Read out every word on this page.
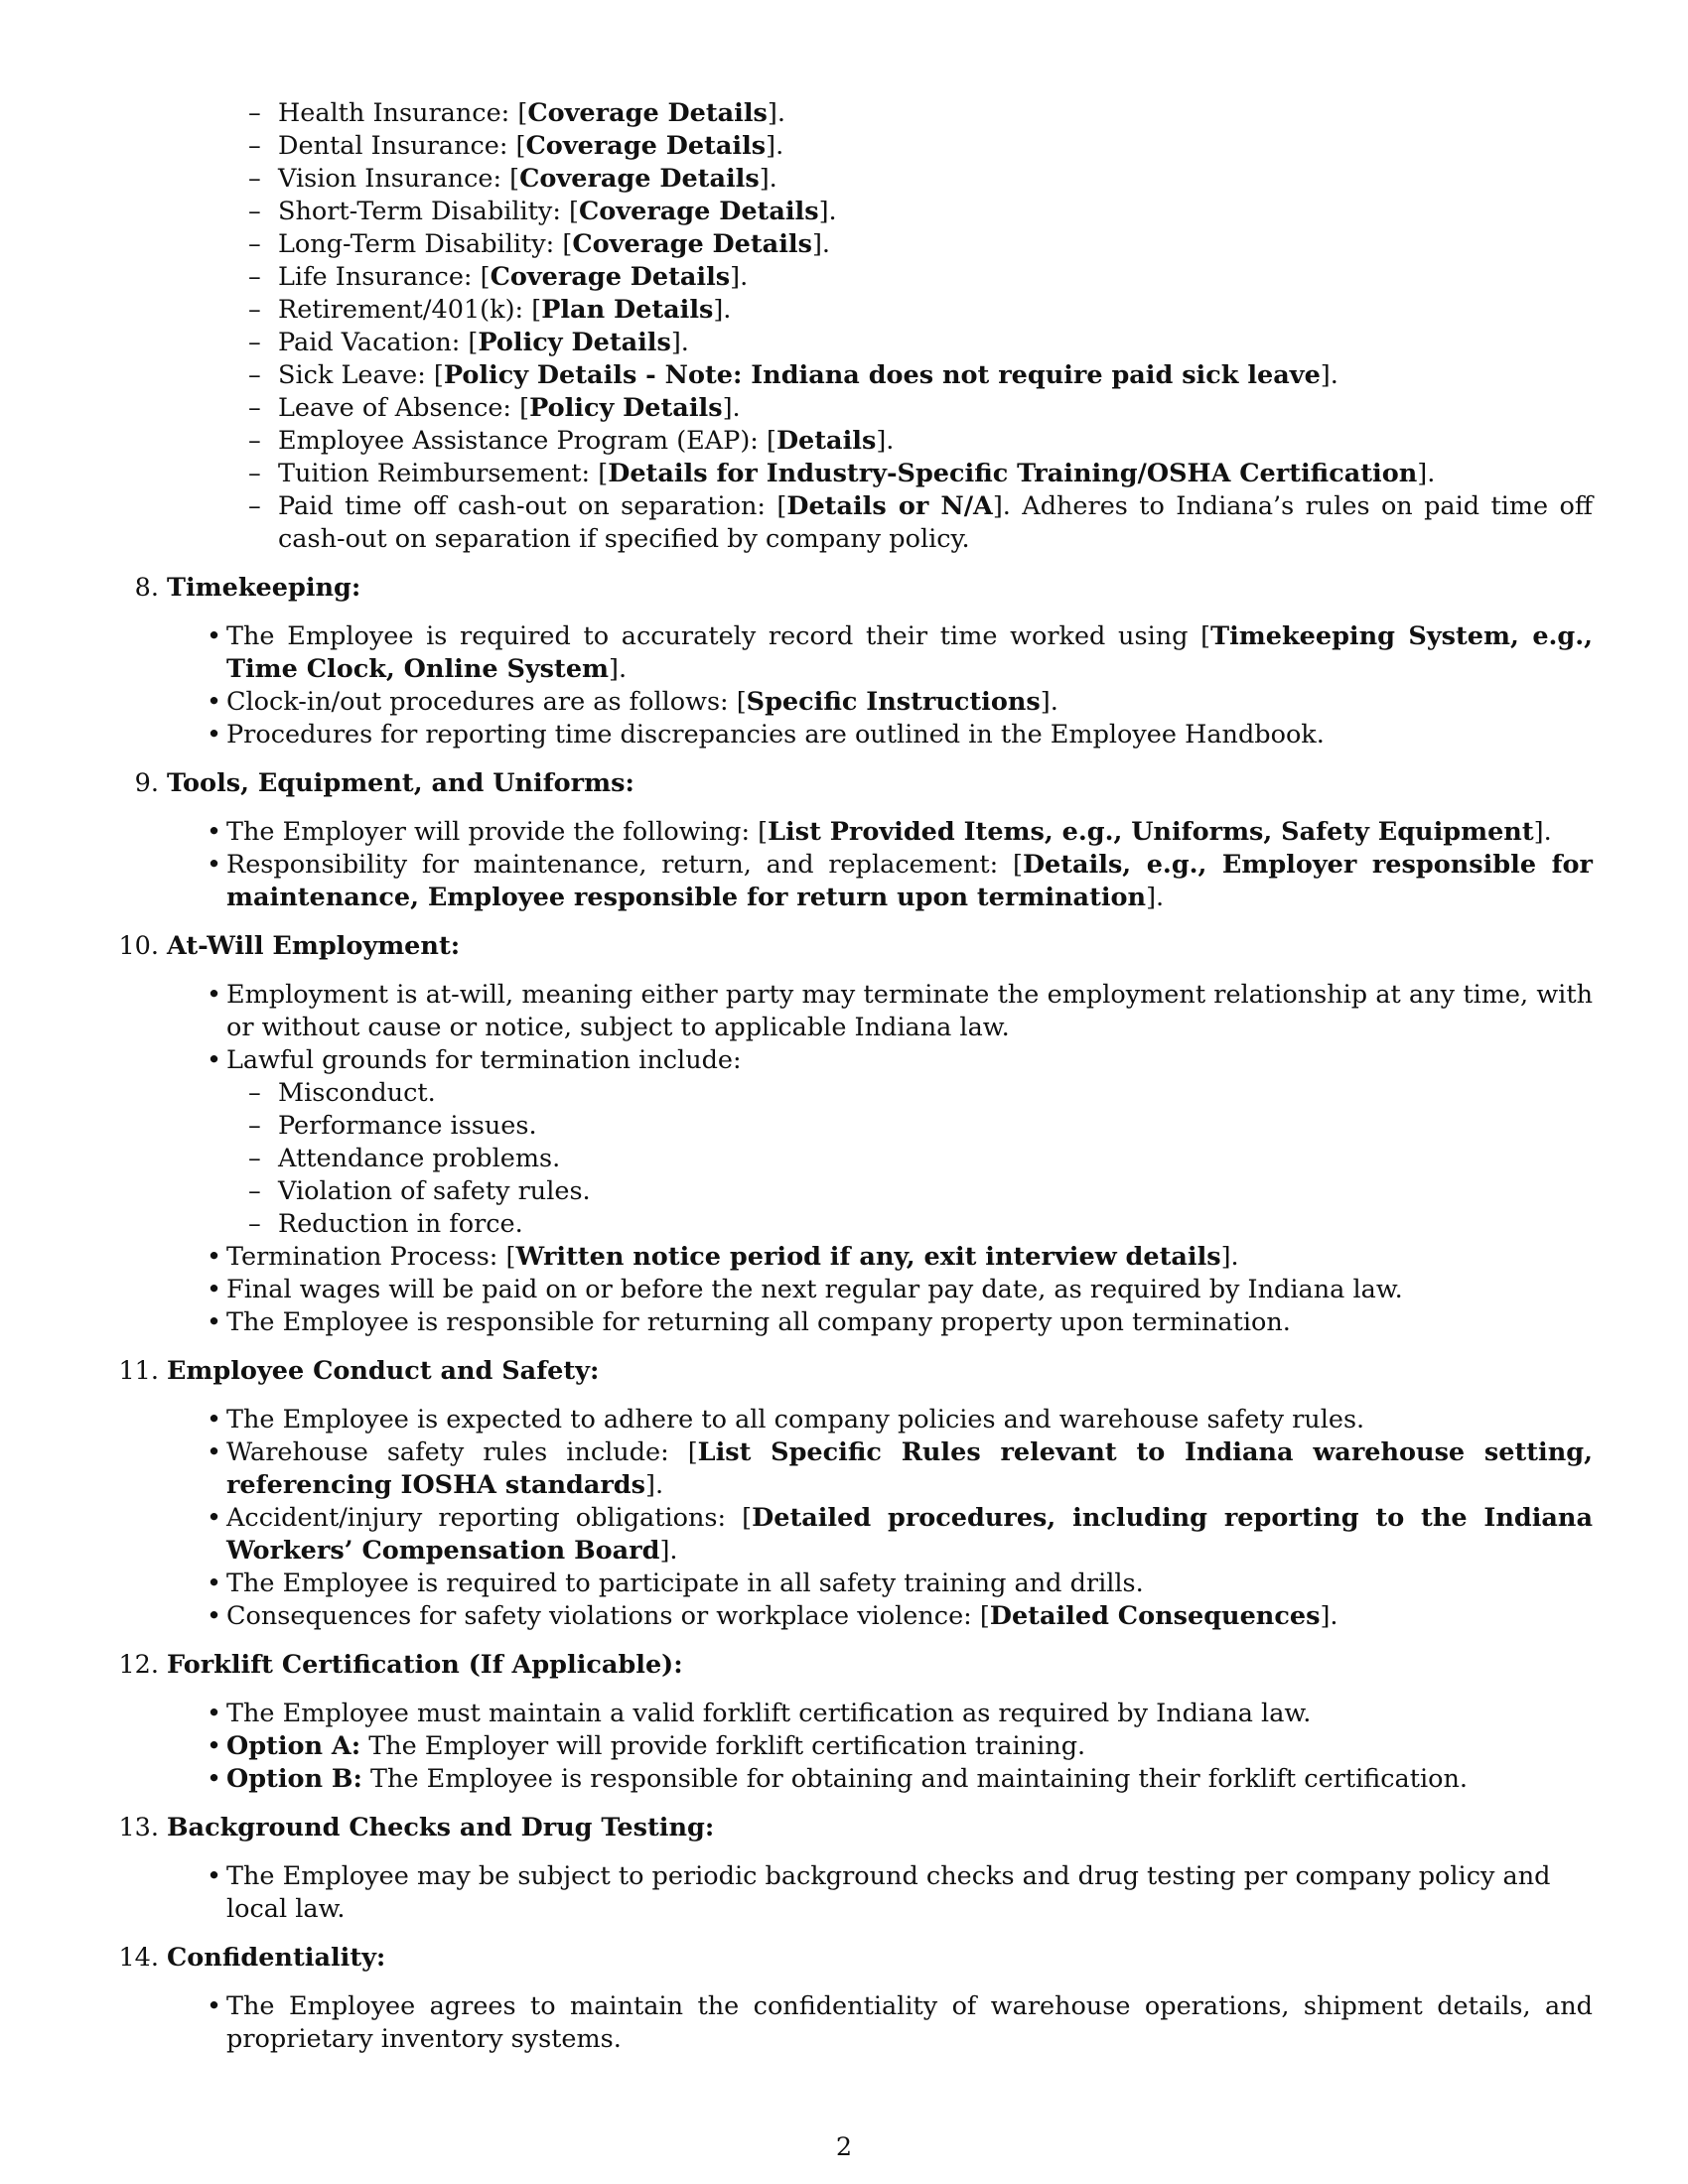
– Health Insurance: [Coverage Details].
– Dental Insurance: [Coverage Details].
– Vision Insurance: [Coverage Details].
– Short-Term Disability: [Coverage Details].
– Long-Term Disability: [Coverage Details].
– Life Insurance: [Coverage Details].
– Retirement/401(k): [Plan Details].
– Paid Vacation: [Policy Details].
– Sick Leave: [Policy Details - Note: Indiana does not require paid sick leave].
– Leave of Absence: [Policy Details].
– Employee Assistance Program (EAP): [Details].
– Tuition Reimbursement: [Details for Industry-Specific Training/OSHA Certification].
– Paid time off cash-out on separation: [Details or N/A]. Adheres to Indiana’s rules on paid time off cash-out on separation if specified by company policy.
8. Timekeeping:
• The Employee is required to accurately record their time worked using [Timekeeping System, e.g., Time Clock, Online System].
• Clock-in/out procedures are as follows: [Specific Instructions].
• Procedures for reporting time discrepancies are outlined in the Employee Handbook.
9. Tools, Equipment, and Uniforms:
• The Employer will provide the following: [List Provided Items, e.g., Uniforms, Safety Equipment].
• Responsibility for maintenance, return, and replacement: [Details, e.g., Employer responsible for maintenance, Employee responsible for return upon termination].
10. At-Will Employment:
• Employment is at-will, meaning either party may terminate the employment relationship at any time, with or without cause or notice, subject to applicable Indiana law.
• Lawful grounds for termination include:
– Misconduct.
– Performance issues.
– Attendance problems.
– Violation of safety rules.
– Reduction in force.
• Termination Process: [Written notice period if any, exit interview details].
• Final wages will be paid on or before the next regular pay date, as required by Indiana law.
• The Employee is responsible for returning all company property upon termination.
11. Employee Conduct and Safety:
• The Employee is expected to adhere to all company policies and warehouse safety rules.
• Warehouse safety rules include: [List Specific Rules relevant to Indiana warehouse setting, referencing IOSHA standards].
• Accident/injury reporting obligations: [Detailed procedures, including reporting to the Indiana Workers’ Compensation Board].
• The Employee is required to participate in all safety training and drills.
• Consequences for safety violations or workplace violence: [Detailed Consequences].
12. Forklift Certification (If Applicable):
• The Employee must maintain a valid forklift certification as required by Indiana law.
• Option A: The Employer will provide forklift certification training.
• Option B: The Employee is responsible for obtaining and maintaining their forklift certification.
13. Background Checks and Drug Testing:
• The Employee may be subject to periodic background checks and drug testing per company policy and local law.
14. Confidentiality:
• The Employee agrees to maintain the confidentiality of warehouse operations, shipment details, and proprietary inventory systems.
2
